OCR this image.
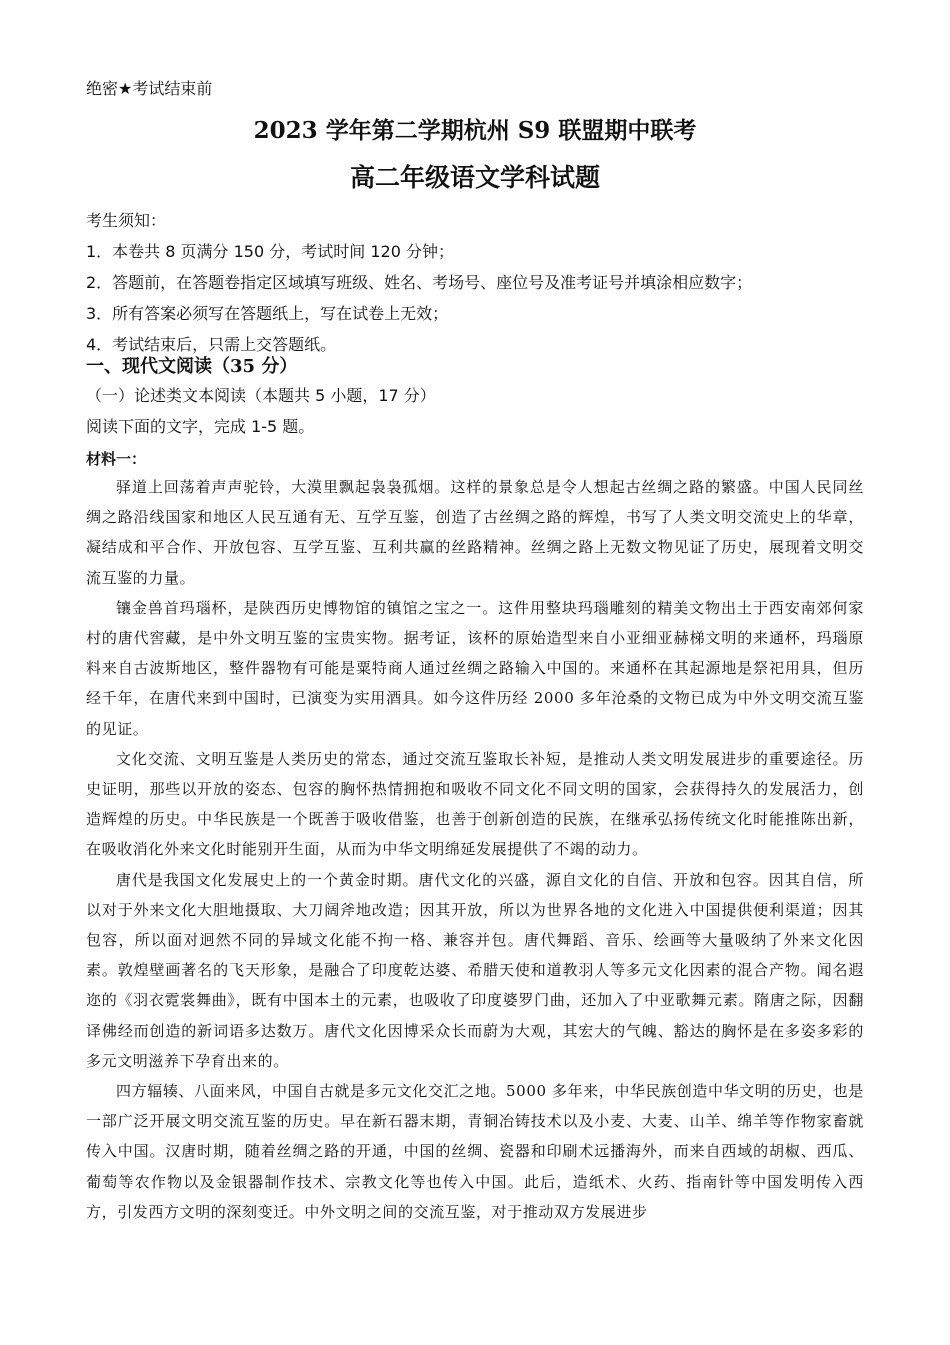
绝密★考试结束前
2023 学年第二学期杭州 S9 联盟期中联考
高二年级语文学科试题
考生须知：
1．本卷共 8 页满分 150 分，考试时间 120 分钟；
2．答题前，在答题卷指定区域填写班级、姓名、考场号、座位号及准考证号并填涂相应数字；
3．所有答案必须写在答题纸上，写在试卷上无效；
4．考试结束后，只需上交答题纸。
一、现代文阅读（35 分）
（一）论述类文本阅读（本题共 5 小题，17 分）
阅读下面的文字，完成 1-5 题。
材料一：

驿道上回荡着声声驼铃，大漠里飘起袅袅孤烟。这样的景象总是令人想起古丝绸之路的繁盛。中国人民同丝绸之路沿线国家和地区人民互通有无、互学互鉴，创造了古丝绸之路的辉煌，书写了人类文明交流史上的华章，凝结成和平合作、开放包容、互学互鉴、互利共赢的丝路精神。丝绸之路上无数文物见证了历史，展现着文明交流互鉴的力量。

镶金兽首玛瑙杯，是陕西历史博物馆的镇馆之宝之一。这件用整块玛瑙雕刻的精美文物出土于西安南郊何家村的唐代窖藏，是中外文明互鉴的宝贵实物。据考证，该杯的原始造型来自小亚细亚赫梯文明的来通杯，玛瑙原料来自古波斯地区，整件器物有可能是粟特商人通过丝绸之路输入中国的。来通杯在其起源地是祭祀用具，但历经千年，在唐代来到中国时，已演变为实用酒具。如今这件历经 2000 多年沧桑的文物已成为中外文明交流互鉴的见证。

文化交流、文明互鉴是人类历史的常态，通过交流互鉴取长补短，是推动人类文明发展进步的重要途径。历史证明，那些以开放的姿态、包容的胸怀热情拥抱和吸收不同文化不同文明的国家，会获得持久的发展活力，创造辉煌的历史。中华民族是一个既善于吸收借鉴，也善于创新创造的民族，在继承弘扬传统文化时能推陈出新，在吸收消化外来文化时能别开生面，从而为中华文明绵延发展提供了不竭的动力。

唐代是我国文化发展史上的一个黄金时期。唐代文化的兴盛，源自文化的自信、开放和包容。因其自信，所以对于外来文化大胆地摄取、大刀阔斧地改造；因其开放，所以为世界各地的文化进入中国提供便利渠道；因其包容，所以面对迥然不同的异域文化能不拘一格、兼容并包。唐代舞蹈、音乐、绘画等大量吸纳了外来文化因素。敦煌壁画著名的飞天形象，是融合了印度乾达婆、希腊天使和道教羽人等多元文化因素的混合产物。闻名遐迩的《羽衣霓裳舞曲》，既有中国本土的元素，也吸收了印度婆罗门曲，还加入了中亚歌舞元素。隋唐之际，因翻译佛经而创造的新词语多达数万。唐代文化因博采众长而蔚为大观，其宏大的气魄、豁达的胸怀是在多姿多彩的多元文明滋养下孕育出来的。

四方辐辏、八面来风，中国自古就是多元文化交汇之地。5000 多年来，中华民族创造中华文明的历史，也是一部广泛开展文明交流互鉴的历史。早在新石器末期，青铜冶铸技术以及小麦、大麦、山羊、绵羊等作物家畜就传入中国。汉唐时期，随着丝绸之路的开通，中国的丝绸、瓷器和印刷术远播海外，而来自西域的胡椒、西瓜、葡萄等农作物以及金银器制作技术、宗教文化等也传入中国。此后，造纸术、火药、指南针等中国发明传入西方，引发西方文明的深刻变迁。中外文明之间的交流互鉴，对于推动双方发展进步
